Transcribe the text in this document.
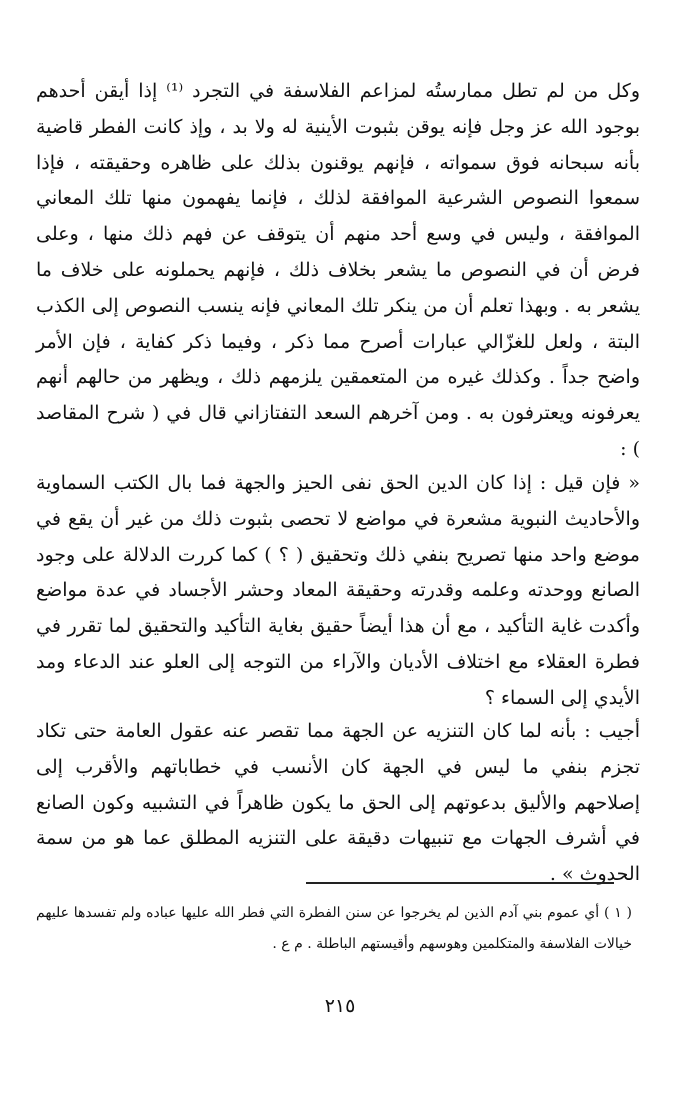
وكل من لم تطل ممارستُه لمزاعم الفلاسفة في التجرد ⁽¹⁾ إذا أيقن أحدهم بوجود الله عز وجل فإنه يوقن بثبوت الأينية له ولا بد ، وإذ كانت الفطر قاضية بأنه سبحانه فوق سمواته ، فإنهم يوقنون بذلك على ظاهره وحقيقته ، فإذا سمعوا النصوص الشرعية الموافقة لذلك ، فإنما يفهمون منها تلك المعاني الموافقة ، وليس في وسع أحد منهم أن يتوقف عن فهم ذلك منها ، وعلى فرض أن في النصوص ما يشعر بخلاف ذلك ، فإنهم يحملونه على خلاف ما يشعر به . وبهذا تعلم أن من ينكر تلك المعاني فإنه ينسب النصوص إلى الكذب البتة ، ولعل للغزّالي عبارات أصرح مما ذكر ، وفيما ذكر كفاية ، فإن الأمر واضح جداً . وكذلك غيره من المتعمقين يلزمهم ذلك ، ويظهر من حالهم أنهم يعرفونه ويعترفون به . ومن آخرهم السعد التفتازاني قال في ( شرح المقاصد ) :

« فإن قيل : إذا كان الدين الحق نفى الحيز والجهة فما بال الكتب السماوية والأحاديث النبوية مشعرة في مواضع لا تحصى بثبوت ذلك من غير أن يقع في موضع واحد منها تصريح بنفي ذلك وتحقيق ( ؟ ) كما كررت الدلالة على وجود الصانع ووحدته وعلمه وقدرته وحقيقة المعاد وحشر الأجساد في عدة مواضع وأكدت غاية التأكيد ، مع أن هذا أيضاً حقيق بغاية التأكيد والتحقيق لما تقرر في فطرة العقلاء مع اختلاف الأديان والآراء من التوجه إلى العلو عند الدعاء ومد الأيدي إلى السماء ؟

أجيب : بأنه لما كان التنزيه عن الجهة مما تقصر عنه عقول العامة حتى تكاد تجزم بنفي ما ليس في الجهة كان الأنسب في خطاباتهم والأقرب إلى إصلاحهم والأليق بدعوتهم إلى الحق ما يكون ظاهراً في التشبيه وكون الصانع في أشرف الجهات مع تنبيهات دقيقة على التنزيه المطلق عما هو من سمة الحدوث » .

( ١ ) أي عموم بني آدم الذين لم يخرجوا عن سنن الفطرة التي فطر الله عليها عباده ولم تفسدها عليهم خيالات الفلاسفة والمتكلمين وهوسهم وأقيستهم الباطلة . م ع .

٢١٥
